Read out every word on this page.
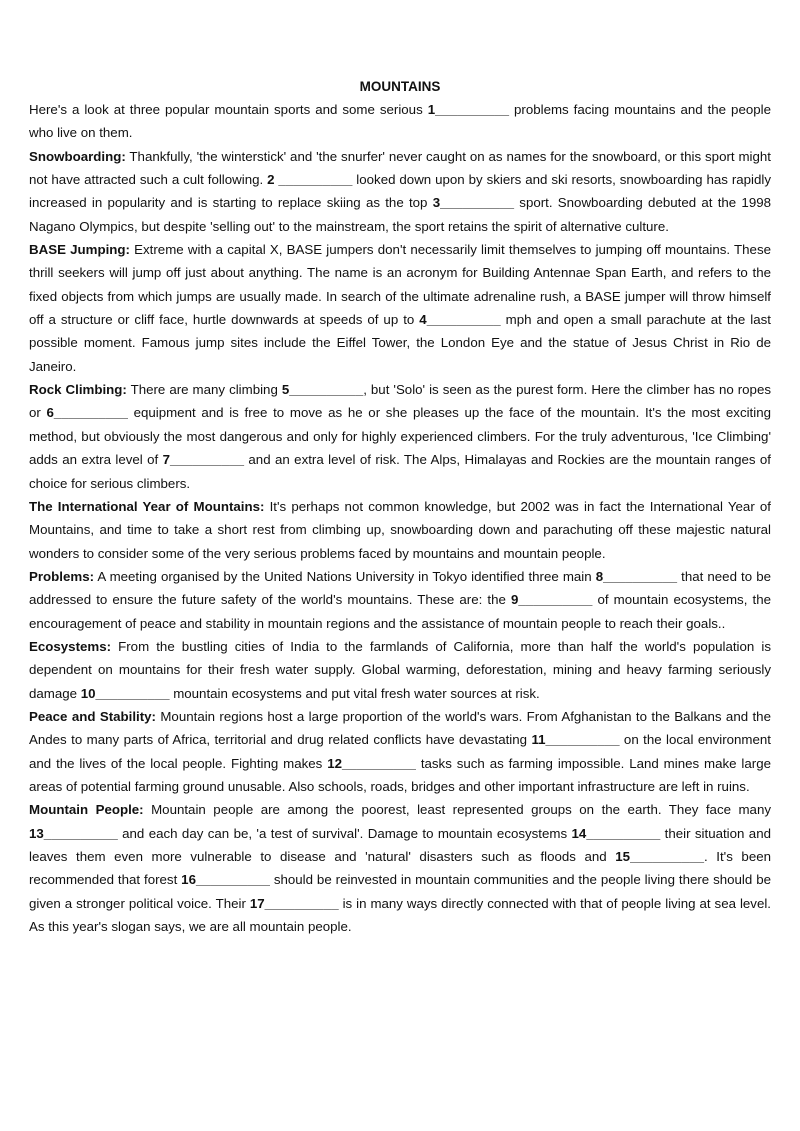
MOUNTAINS

Here's a look at three popular mountain sports and some serious 1__________ problems facing mountains and the people who live on them.

Snowboarding: Thankfully, 'the winterstick' and 'the snurfer' never caught on as names for the snowboard, or this sport might not have attracted such a cult following. 2 __________ looked down upon by skiers and ski resorts, snowboarding has rapidly increased in popularity and is starting to replace skiing as the top 3__________ sport. Snowboarding debuted at the 1998 Nagano Olympics, but despite 'selling out' to the mainstream, the sport retains the spirit of alternative culture.

BASE Jumping: Extreme with a capital X, BASE jumpers don't necessarily limit themselves to jumping off mountains. These thrill seekers will jump off just about anything. The name is an acronym for Building Antennae Span Earth, and refers to the fixed objects from which jumps are usually made. In search of the ultimate adrenaline rush, a BASE jumper will throw himself off a structure or cliff face, hurtle downwards at speeds of up to 4__________ mph and open a small parachute at the last possible moment. Famous jump sites include the Eiffel Tower, the London Eye and the statue of Jesus Christ in Rio de Janeiro.

Rock Climbing: There are many climbing 5__________, but 'Solo' is seen as the purest form. Here the climber has no ropes or 6__________ equipment and is free to move as he or she pleases up the face of the mountain. It's the most exciting method, but obviously the most dangerous and only for highly experienced climbers. For the truly adventurous, 'Ice Climbing' adds an extra level of 7__________ and an extra level of risk. The Alps, Himalayas and Rockies are the mountain ranges of choice for serious climbers.

The International Year of Mountains: It's perhaps not common knowledge, but 2002 was in fact the International Year of Mountains, and time to take a short rest from climbing up, snowboarding down and parachuting off these majestic natural wonders to consider some of the very serious problems faced by mountains and mountain people.

Problems: A meeting organised by the United Nations University in Tokyo identified three main 8__________ that need to be addressed to ensure the future safety of the world's mountains. These are: the 9__________ of mountain ecosystems, the encouragement of peace and stability in mountain regions and the assistance of mountain people to reach their goals..

Ecosystems: From the bustling cities of India to the farmlands of California, more than half the world's population is dependent on mountains for their fresh water supply. Global warming, deforestation, mining and heavy farming seriously damage 10__________ mountain ecosystems and put vital fresh water sources at risk.

Peace and Stability: Mountain regions host a large proportion of the world's wars. From Afghanistan to the Balkans and the Andes to many parts of Africa, territorial and drug related conflicts have devastating 11__________ on the local environment and the lives of the local people. Fighting makes 12__________ tasks such as farming impossible. Land mines make large areas of potential farming ground unusable. Also schools, roads, bridges and other important infrastructure are left in ruins.

Mountain People: Mountain people are among the poorest, least represented groups on the earth. They face many 13__________ and each day can be, 'a test of survival'. Damage to mountain ecosystems 14__________ their situation and leaves them even more vulnerable to disease and 'natural' disasters such as floods and 15__________. It's been recommended that forest 16__________ should be reinvested in mountain communities and the people living there should be given a stronger political voice. Their 17__________ is in many ways directly connected with that of people living at sea level. As this year's slogan says, we are all mountain people.
